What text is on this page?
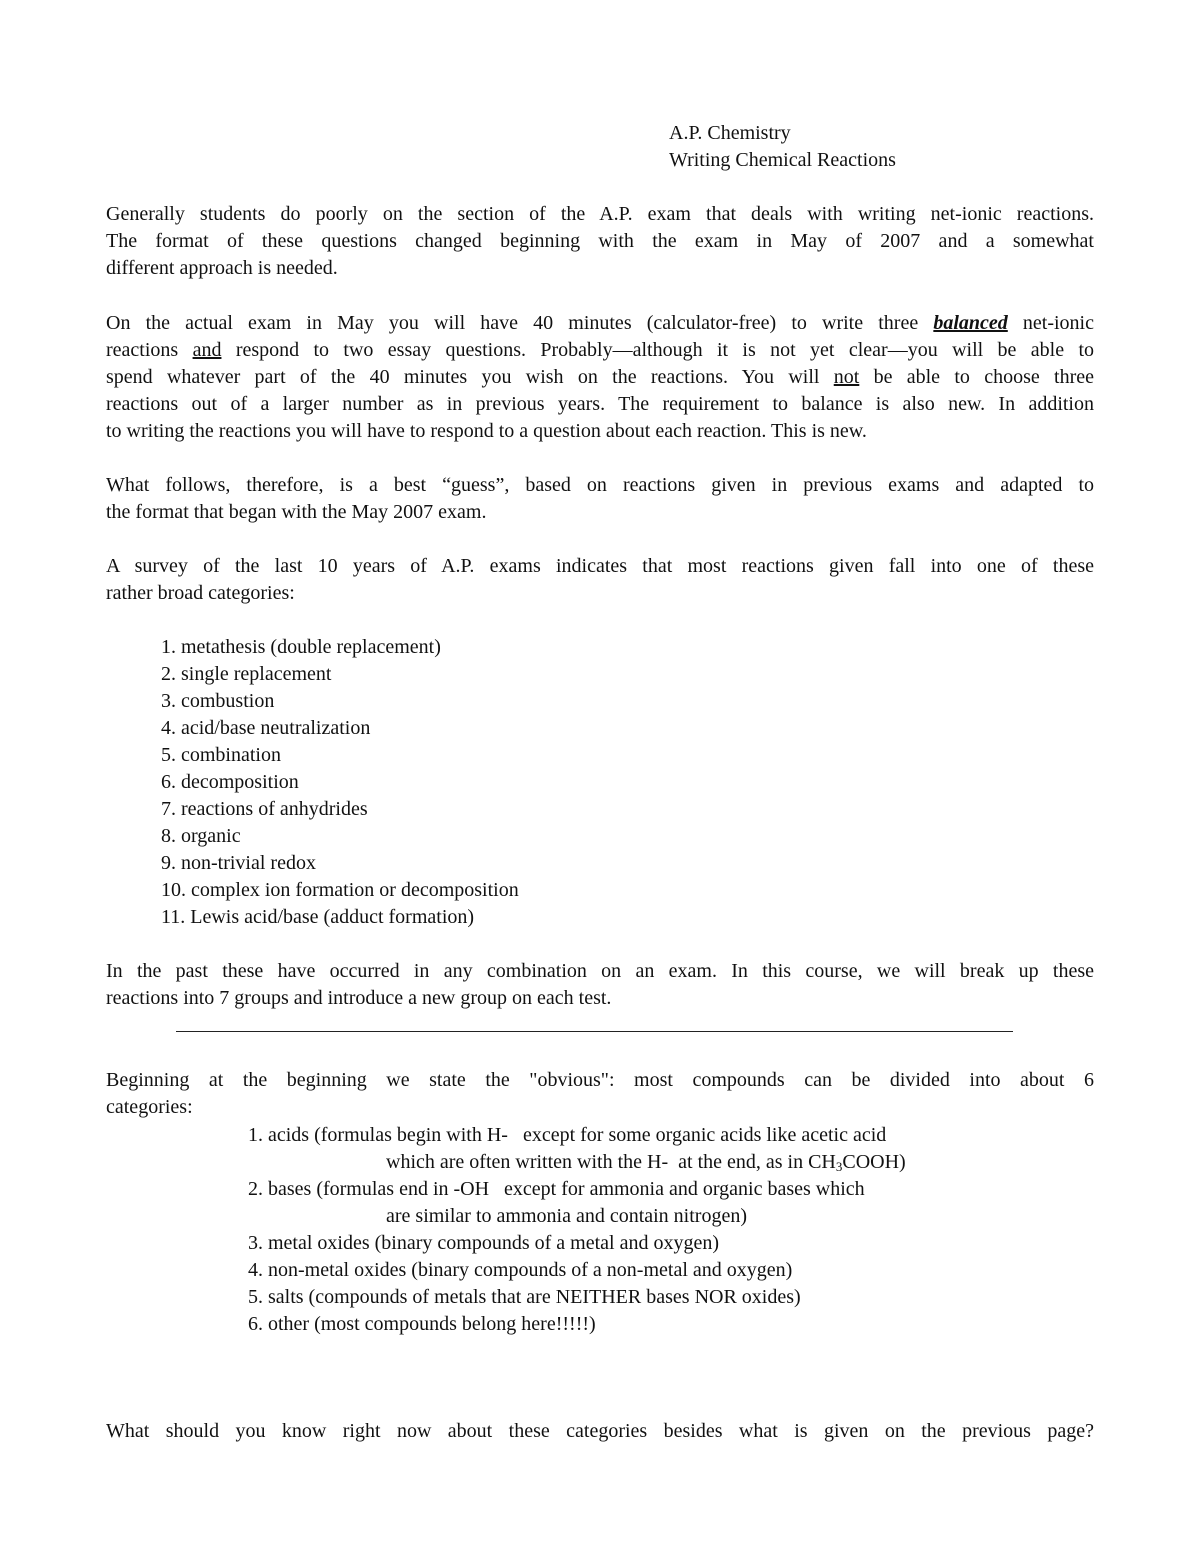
A.P. Chemistry
Writing Chemical Reactions
Generally students do poorly on the section of the A.P. exam that deals with writing net-ionic reactions.
The format of these questions changed beginning with the exam in May of 2007 and a somewhat
different approach is needed.
On the actual exam in May you will have 40 minutes (calculator-free) to write three balanced net-ionic
reactions and respond to two essay questions. Probably—although it is not yet clear—you will be able to
spend whatever part of the 40 minutes you wish on the reactions. You will not be able to choose three
reactions out of a larger number as in previous years. The requirement to balance is also new. In addition
to writing the reactions you will have to respond to a question about each reaction. This is new.
What follows, therefore, is a best “guess”, based on reactions given in previous exams and adapted to
the format that began with the May 2007 exam.
A survey of the last 10 years of A.P. exams indicates that most reactions given fall into one of these
rather broad categories:
1. metathesis (double replacement)
2. single replacement
3. combustion
4. acid/base neutralization
5. combination
6. decomposition
7. reactions of anhydrides
8. organic
9. non-trivial redox
10. complex ion formation or decomposition
11. Lewis acid/base (adduct formation)
In the past these have occurred in any combination on an exam. In this course, we will break up these
reactions into 7 groups and introduce a new group on each test.
Beginning at the beginning we state the "obvious": most compounds can be divided into about 6
categories:
1. acids (formulas begin with H-   except for some organic acids like acetic acid
which are often written with the H-  at the end, as in $CH_3COOH$)
2. bases (formulas end in -OH   except for ammonia and organic bases which
are similar to ammonia and contain nitrogen)
3. metal oxides (binary compounds of a metal and oxygen)
4. non-metal oxides (binary compounds of a non-metal and oxygen)
5. salts (compounds of metals that are NEITHER bases NOR oxides)
6. other (most compounds belong here!!!!!)
What should you know right now about these categories besides what is given on the previous page?
